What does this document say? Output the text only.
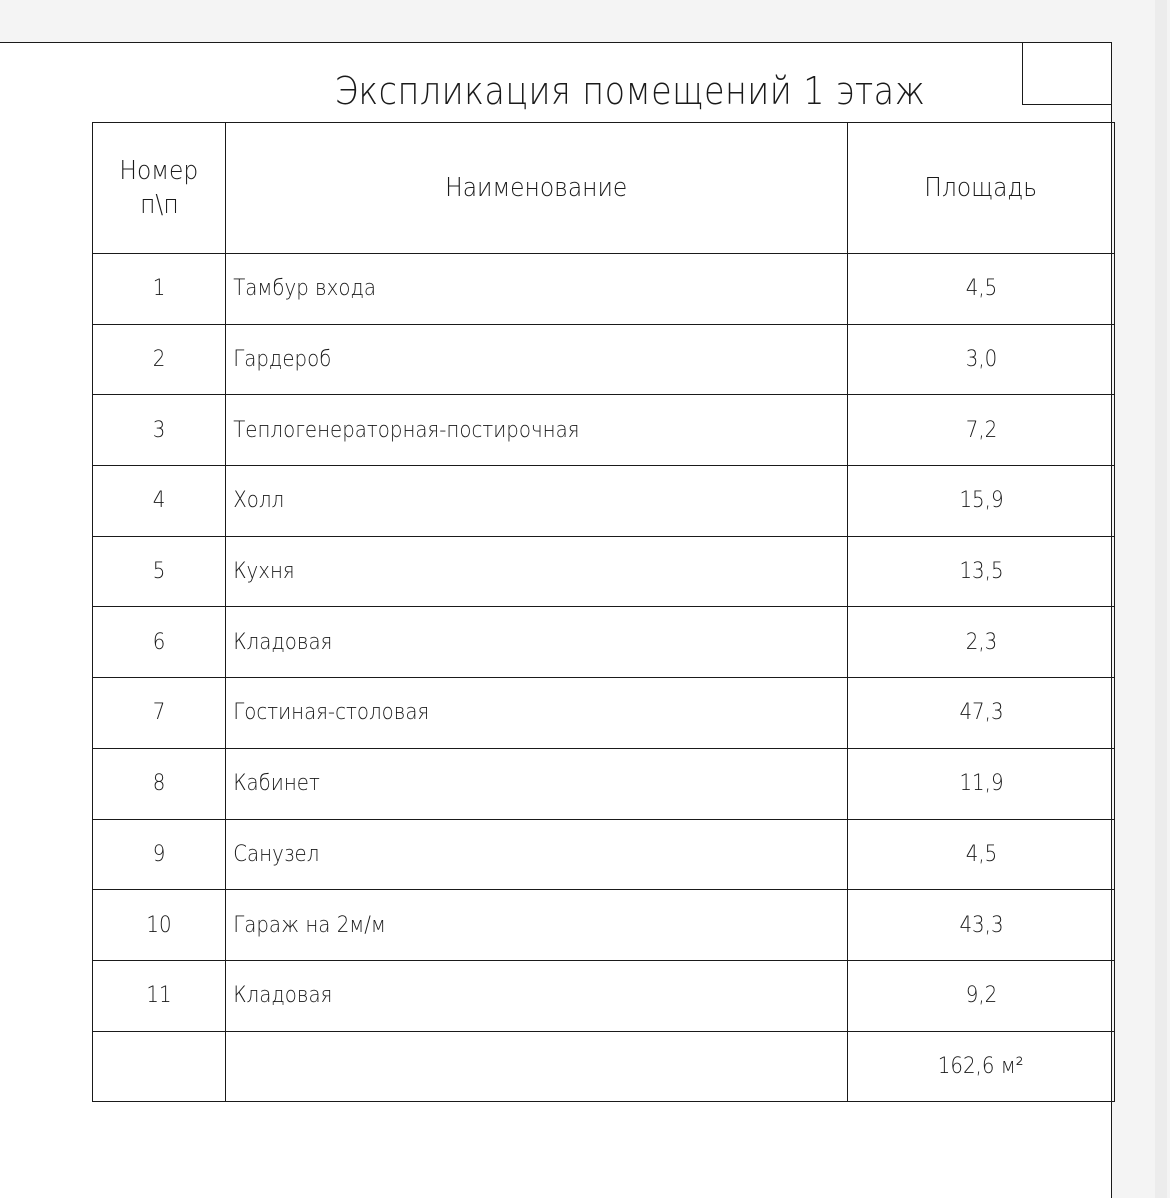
Экспликация помещений 1 этаж
Номер
п\п	Наименование	Площадь
1	Тамбур входа	4,5
2	Гардероб	3,0
3	Теплогенераторная-постирочная	7,2
4	Холл	15,9
5	Кухня	13,5
6	Кладовая	2,3
7	Гостиная-столовая	47,3
8	Кабинет	11,9
9	Санузел	4,5
10	Гараж на 2м/м	43,3
11	Кладовая	9,2
		162,6 м²
